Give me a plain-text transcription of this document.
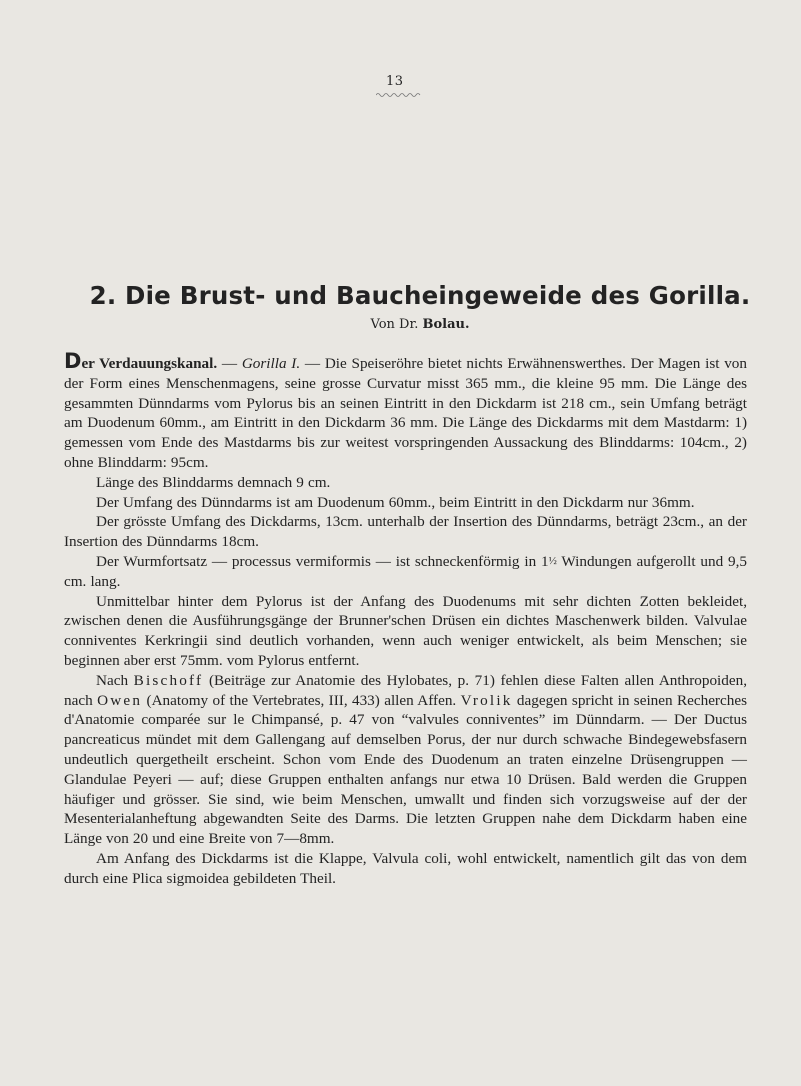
13
2. Die Brust- und Baucheingeweide des Gorilla.
Von Dr. Bolau.

Der Verdauungskanal. — Gorilla I. — Die Speiseröhre bietet nichts Erwähnenswerthes. Der Magen ist von der Form eines Menschenmagens, seine grosse Curvatur misst 365 mm., die kleine 95 mm. Die Länge des gesammten Dünndarms vom Pylorus bis an seinen Eintritt in den Dickdarm ist 218 cm., sein Umfang beträgt am Duodenum 60mm., am Eintritt in den Dickdarm 36 mm. Die Länge des Dickdarms mit dem Mastdarm: 1) gemessen vom Ende des Mastdarms bis zur weitest vorspringenden Aussackung des Blinddarms: 104cm., 2) ohne Blinddarm: 95cm.

Länge des Blinddarms demnach 9 cm.

Der Umfang des Dünndarms ist am Duodenum 60mm., beim Eintritt in den Dickdarm nur 36mm.

Der grösste Umfang des Dickdarms, 13cm. unterhalb der Insertion des Dünndarms, beträgt 23cm., an der Insertion des Dünndarms 18cm.

Der Wurmfortsatz — processus vermiformis — ist schneckenförmig in 1½ Windungen aufgerollt und 9,5 cm. lang.

Unmittelbar hinter dem Pylorus ist der Anfang des Duodenums mit sehr dichten Zotten bekleidet, zwischen denen die Ausführungsgänge der Brunner'schen Drüsen ein dichtes Maschenwerk bilden. Valvulae conniventes Kerkringii sind deutlich vorhanden, wenn auch weniger entwickelt, als beim Menschen; sie beginnen aber erst 75mm. vom Pylorus entfernt.

Nach Bischoff (Beiträge zur Anatomie des Hylobates, p. 71) fehlen diese Falten allen Anthropoiden, nach Owen (Anatomy of the Vertebrates, III, 433) allen Affen. Vrolik dagegen spricht in seinen Recherches d'Anatomie comparée sur le Chimpansé, p. 47 von “valvules conniventes” im Dünndarm. — Der Ductus pancreaticus mündet mit dem Gallengang auf demselben Porus, der nur durch schwache Bindegewebsfasern undeutlich quergetheilt erscheint. Schon vom Ende des Duodenum an traten einzelne Drüsengruppen — Glandulae Peyeri — auf; diese Gruppen enthalten anfangs nur etwa 10 Drüsen. Bald werden die Gruppen häufiger und grösser. Sie sind, wie beim Menschen, umwallt und finden sich vorzugsweise auf der der Mesenterialanheftung abgewandten Seite des Darms. Die letzten Gruppen nahe dem Dickdarm haben eine Länge von 20 und eine Breite von 7—8mm.

Am Anfang des Dickdarms ist die Klappe, Valvula coli, wohl entwickelt, namentlich gilt das von dem durch eine Plica sigmoidea gebildeten Theil.
